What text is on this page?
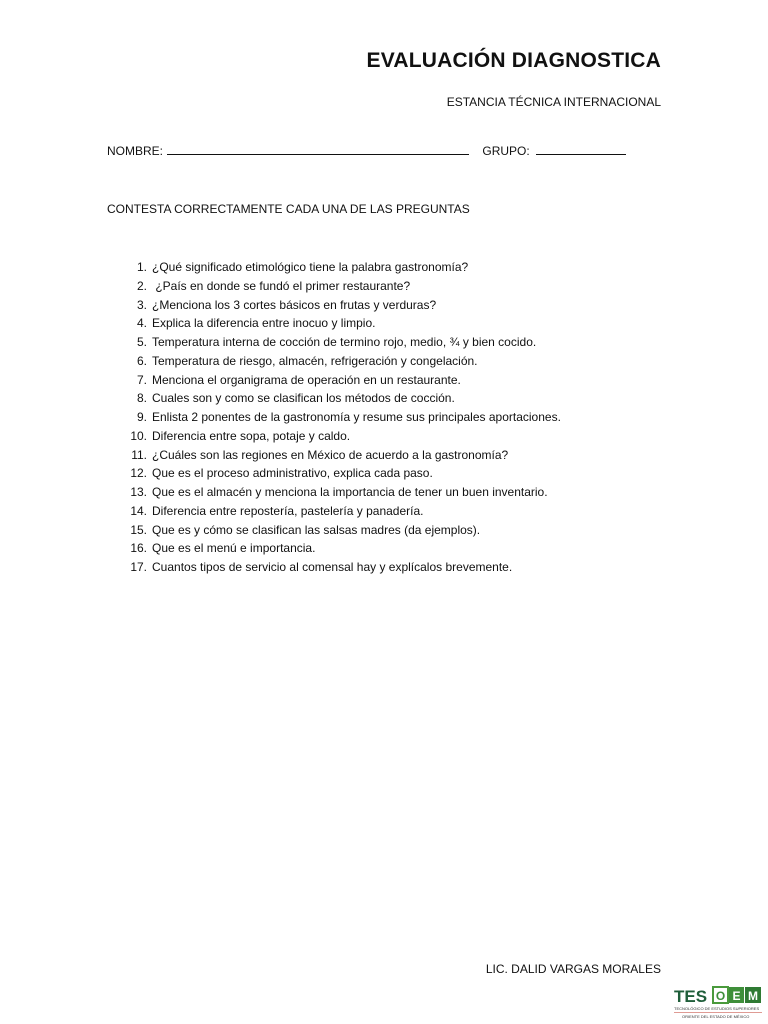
EVALUACIÓN DIAGNOSTICA
ESTANCIA TÉCNICA INTERNACIONAL
NOMBRE:	GRUPO:
CONTESTA CORRECTAMENTE CADA UNA DE LAS PREGUNTAS
1. ¿Qué significado etimológico tiene la palabra gastronomía?
2. ¿País en donde se fundó el primer restaurante?
3. ¿Menciona los 3 cortes básicos en frutas y verduras?
4. Explica la diferencia entre inocuo y limpio.
5. Temperatura interna de cocción de termino rojo, medio, ¾ y bien cocido.
6. Temperatura de riesgo, almacén, refrigeración y congelación.
7. Menciona el organigrama de operación en un restaurante.
8. Cuales son y como se clasifican los métodos de cocción.
9. Enlista 2 ponentes de la gastronomía y resume sus principales aportaciones.
10. Diferencia entre sopa, potaje y caldo.
11. ¿Cuáles son las regiones en México de acuerdo a la gastronomía?
12. Que es el proceso administrativo, explica cada paso.
13. Que es el almacén y menciona la importancia de tener un buen inventario.
14. Diferencia entre repostería, pastelería y panadería.
15. Que es y cómo se clasifican las salsas madres (da ejemplos).
16. Que es el menú e importancia.
17. Cuantos tipos de servicio al comensal hay y explícalos brevemente.
LIC. DALID VARGAS MORALES
TES O E M
TECNOLÓGICO DE ESTUDIOS SUPERIORES
ORIENTE DEL ESTADO DE MÉXICO
